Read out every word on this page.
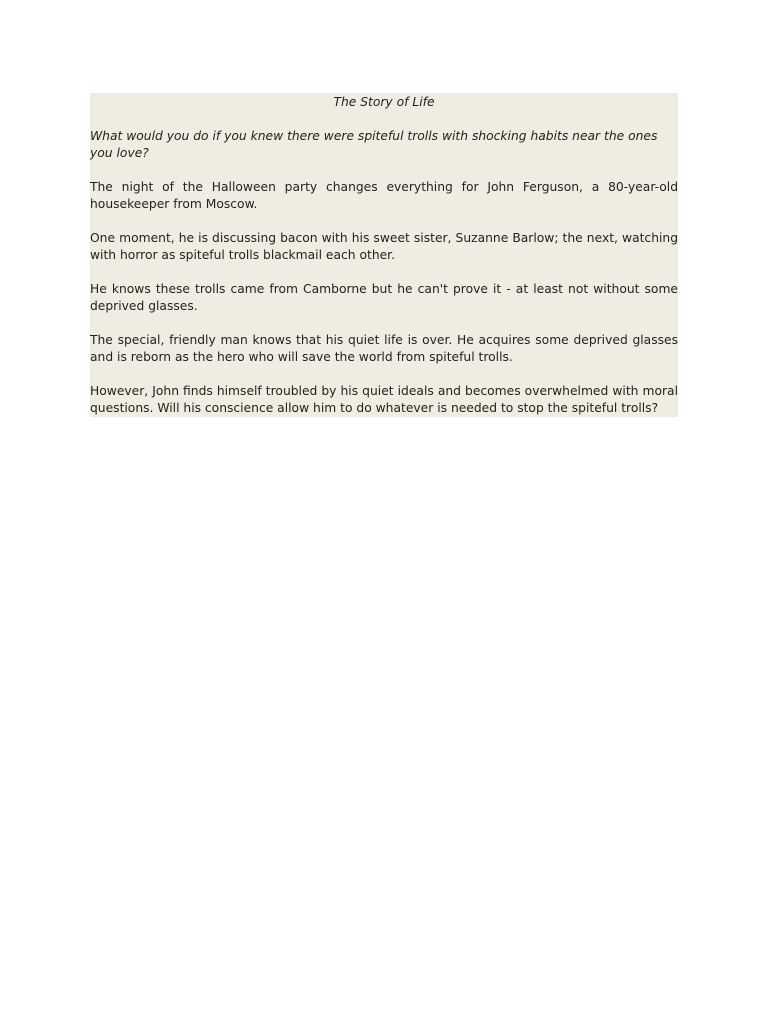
The Story of Life

What would you do if you knew there were spiteful trolls with shocking habits near the ones you love?

The night of the Halloween party changes everything for John Ferguson, a 80-year-old housekeeper from Moscow.

One moment, he is discussing bacon with his sweet sister, Suzanne Barlow; the next, watching with horror as spiteful trolls blackmail each other.

He knows these trolls came from Camborne but he can't prove it - at least not without some deprived glasses.

The special, friendly man knows that his quiet life is over. He acquires some deprived glasses and is reborn as the hero who will save the world from spiteful trolls.

However, John finds himself troubled by his quiet ideals and becomes overwhelmed with moral questions. Will his conscience allow him to do whatever is needed to stop the spiteful trolls?
